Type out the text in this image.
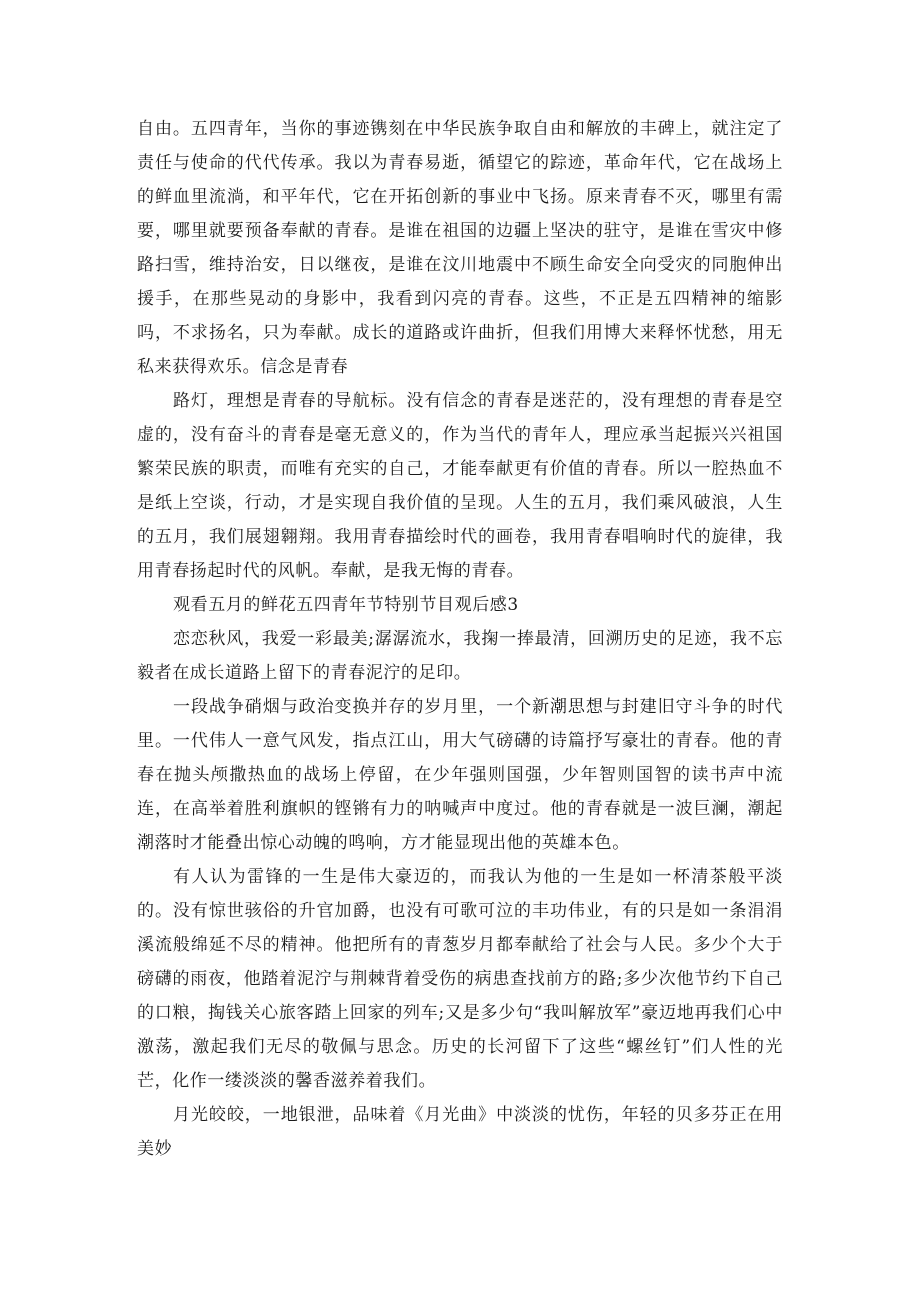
自由。五四青年，当你的事迹镌刻在中华民族争取自由和解放的丰碑上，就注定了责任与使命的代代传承。我以为青春易逝，循望它的踪迹，革命年代，它在战场上的鲜血里流淌，和平年代，它在开拓创新的事业中飞扬。原来青春不灭，哪里有需要，哪里就要预备奉献的青春。是谁在祖国的边疆上坚决的驻守，是谁在雪灾中修路扫雪，维持治安，日以继夜，是谁在汶川地震中不顾生命安全向受灾的同胞伸出援手，在那些晃动的身影中，我看到闪亮的青春。这些，不正是五四精神的缩影吗，不求扬名，只为奉献。成长的道路或许曲折，但我们用博大来释怀忧愁，用无私来获得欢乐。信念是青春

路灯，理想是青春的导航标。没有信念的青春是迷茫的，没有理想的青春是空虚的，没有奋斗的青春是毫无意义的，作为当代的青年人，理应承当起振兴兴祖国繁荣民族的职责，而唯有充实的自己，才能奉献更有价值的青春。所以一腔热血不是纸上空谈，行动，才是实现自我价值的呈现。人生的五月，我们乘风破浪，人生的五月，我们展翅翱翔。我用青春描绘时代的画卷，我用青春唱响时代的旋律，我用青春扬起时代的风帆。奉献，是我无悔的青春。

观看五月的鲜花五四青年节特别节目观后感3

恋恋秋风，我爱一彩最美;潺潺流水，我掬一捧最清，回溯历史的足迹，我不忘毅者在成长道路上留下的青春泥泞的足印。

一段战争硝烟与政治变换并存的岁月里，一个新潮思想与封建旧守斗争的时代里。一代伟人一意气风发，指点江山，用大气磅礴的诗篇抒写豪壮的青春。他的青春在抛头颅撒热血的战场上停留，在少年强则国强，少年智则国智的读书声中流连，在高举着胜利旗帜的铿锵有力的呐喊声中度过。他的青春就是一波巨澜，潮起潮落时才能叠出惊心动魄的鸣响，方才能显现出他的英雄本色。

有人认为雷锋的一生是伟大豪迈的，而我认为他的一生是如一杯清茶般平淡的。没有惊世骇俗的升官加爵，也没有可歌可泣的丰功伟业，有的只是如一条涓涓溪流般绵延不尽的精神。他把所有的青葱岁月都奉献给了社会与人民。多少个大于磅礴的雨夜，他踏着泥泞与荆棘背着受伤的病患查找前方的路;多少次他节约下自己的口粮，掏钱关心旅客踏上回家的列车;又是多少句“我叫解放军”豪迈地再我们心中激荡，激起我们无尽的敬佩与思念。历史的长河留下了这些“螺丝钉”们人性的光芒，化作一缕淡淡的馨香滋养着我们。

月光皎皎，一地银泄，品味着《月光曲》中淡淡的忧伤，年轻的贝多芬正在用美妙
